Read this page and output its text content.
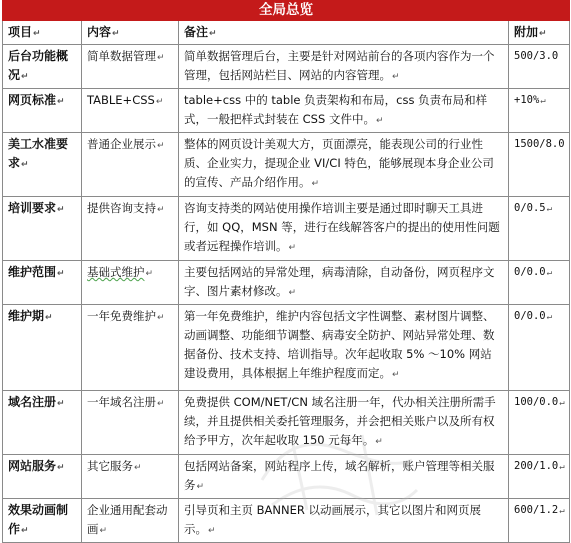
全局总览			
项目↵	内容↵	备注↵	附加↵
后台功能概况↵	简单数据管理↵	简单数据管理后台，主要是针对网站前台的各项内容作为一个管理，包括网站栏目、网站的内容管理。↵	500/3.0
网页标准↵	TABLE+CSS↵	table+css 中的 table 负责架构和布局，css 负责布局和样式，一般把样式封装在 CSS 文件中。↵	+10%↵
美工水准要求↵	普通企业展示↵	整体的网页设计美观大方，页面漂亮，能表现公司的行业性质、企业实力，提现企业 VI/CI 特色，能够展现本身企业公司的宣传、产品介绍作用。↵	1500/8.0
培训要求↵	提供咨询支持↵	咨询支持类的网站使用操作培训主要是通过即时聊天工具进行，如 QQ，MSN 等，进行在线解答客户的提出的使用性问题或者远程操作培训。↵	0/0.5↵
维护范围↵	基础式维护↵	主要包括网站的异常处理，病毒清除，自动备份，网页程序文字、图片素材修改。↵	0/0.0↵
维护期↵	一年免费维护↵	第一年免费维护，维护内容包括文字性调整、素材图片调整、动画调整、功能细节调整、病毒安全防护、网站异常处理、数据备份、技术支持、培训指导。次年起收取 5% ～10% 网站建设费用，具体根据上年维护程度而定。↵	0/0.0↵
域名注册↵	一年域名注册↵	免费提供 COM/NET/CN 域名注册一年，代办相关注册所需手续，并且提供相关委托管理服务，并会把相关账户以及所有权给予甲方，次年起收取 150 元每年。↵	100/0.0↵
网站服务↵	其它服务↵	包括网站备案，网站程序上传，域名解析，账户管理等相关服务↵	200/1.0↵
效果动画制作↵	企业通用配套动画↵	引导页和主页 BANNER 以动画展示，其它以图片和网页展示。↵	600/1.2↵
